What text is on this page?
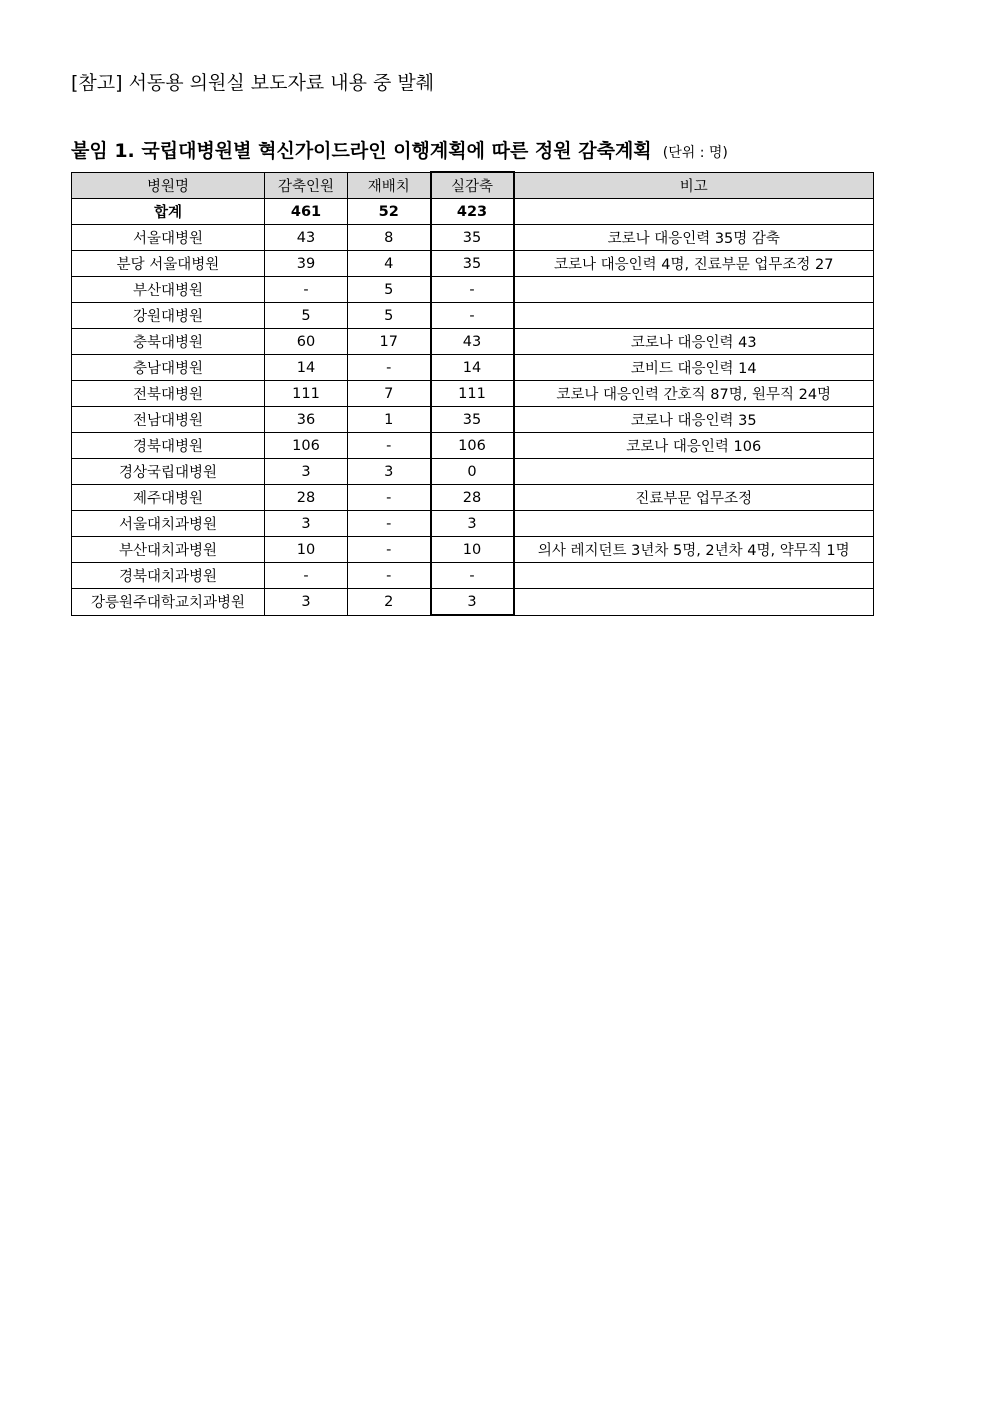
[참고] 서동용 의원실 보도자료 내용 중 발췌
붙임 1. 국립대병원별 혁신가이드라인 이행계획에 따른 정원 감축계획 (단위 : 명)
병원명	감축인원	재배치	실감축	비고
합계	461	52	423	
서울대병원	43	8	35	코로나 대응인력 35명 감축
분당 서울대병원	39	4	35	코로나 대응인력 4명, 진료부문 업무조정 27
부산대병원	-	5	-	
강원대병원	5	5	-	
충북대병원	60	17	43	코로나 대응인력 43
충남대병원	14	-	14	코비드 대응인력 14
전북대병원	111	7	111	코로나 대응인력 간호직 87명, 원무직 24명
전남대병원	36	1	35	코로나 대응인력 35
경북대병원	106	-	106	코로나 대응인력 106
경상국립대병원	3	3	0	
제주대병원	28	-	28	진료부문 업무조정
서울대치과병원	3	-	3	
부산대치과병원	10	-	10	의사 레지던트 3년차 5명, 2년차 4명, 약무직 1명
경북대치과병원	-	-	-	
강릉원주대학교치과병원	3	2	3	
